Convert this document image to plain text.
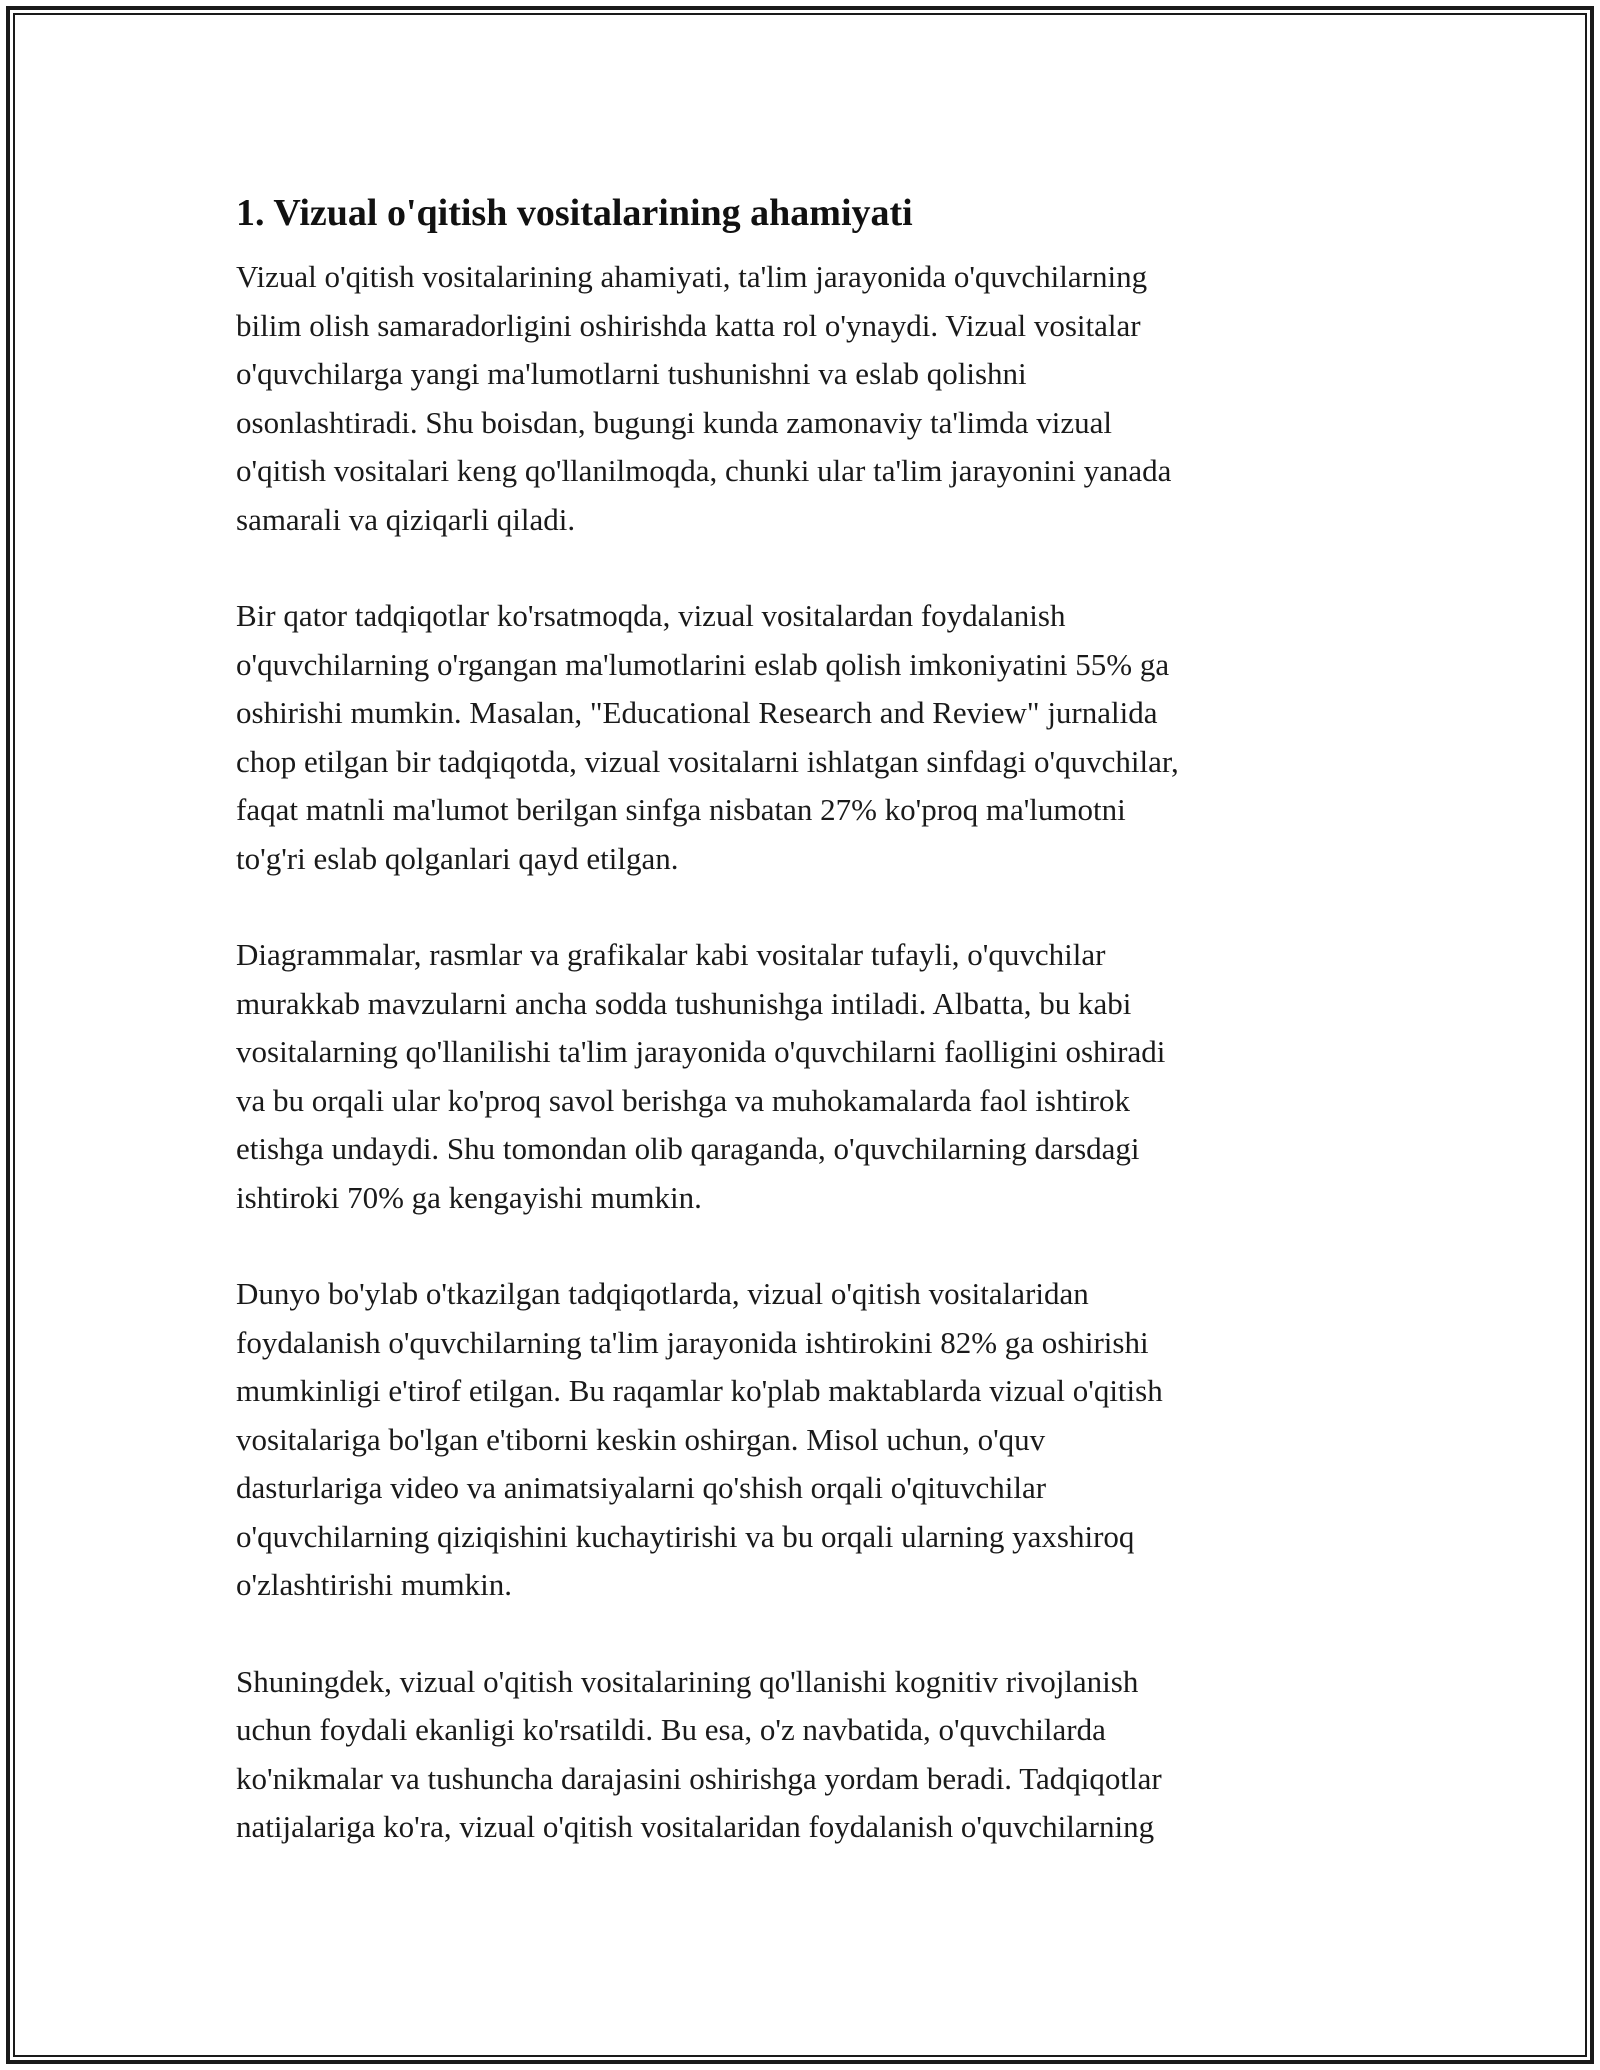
1. Vizual o'qitish vositalarining ahamiyati

Vizual o'qitish vositalarining ahamiyati, ta'lim jarayonida o'quvchilarning
bilim olish samaradorligini oshirishda katta rol o'ynaydi. Vizual vositalar
o'quvchilarga yangi ma'lumotlarni tushunishni va eslab qolishni
osonlashtiradi. Shu boisdan, bugungi kunda zamonaviy ta'limda vizual
o'qitish vositalari keng qo'llanilmoqda, chunki ular ta'lim jarayonini yanada
samarali va qiziqarli qiladi.

Bir qator tadqiqotlar ko'rsatmoqda, vizual vositalardan foydalanish
o'quvchilarning o'rgangan ma'lumotlarini eslab qolish imkoniyatini 55% ga
oshirishi mumkin. Masalan, "Educational Research and Review" jurnalida
chop etilgan bir tadqiqotda, vizual vositalarni ishlatgan sinfdagi o'quvchilar,
faqat matnli ma'lumot berilgan sinfga nisbatan 27% ko'proq ma'lumotni
to'g'ri eslab qolganlari qayd etilgan.

Diagrammalar, rasmlar va grafikalar kabi vositalar tufayli, o'quvchilar
murakkab mavzularni ancha sodda tushunishga intiladi. Albatta, bu kabi
vositalarning qo'llanilishi ta'lim jarayonida o'quvchilarni faolligini oshiradi
va bu orqali ular ko'proq savol berishga va muhokamalarda faol ishtirok
etishga undaydi. Shu tomondan olib qaraganda, o'quvchilarning darsdagi
ishtiroki 70% ga kengayishi mumkin.

Dunyo bo'ylab o'tkazilgan tadqiqotlarda, vizual o'qitish vositalaridan
foydalanish o'quvchilarning ta'lim jarayonida ishtirokini 82% ga oshirishi
mumkinligi e'tirof etilgan. Bu raqamlar ko'plab maktablarda vizual o'qitish
vositalariga bo'lgan e'tiborni keskin oshirgan. Misol uchun, o'quv
dasturlariga video va animatsiyalarni qo'shish orqali o'qituvchilar
o'quvchilarning qiziqishini kuchaytirishi va bu orqali ularning yaxshiroq
o'zlashtirishi mumkin.

Shuningdek, vizual o'qitish vositalarining qo'llanishi kognitiv rivojlanish
uchun foydali ekanligi ko'rsatildi. Bu esa, o'z navbatida, o'quvchilarda
ko'nikmalar va tushuncha darajasini oshirishga yordam beradi. Tadqiqotlar
natijalariga ko'ra, vizual o'qitish vositalaridan foydalanish o'quvchilarning
